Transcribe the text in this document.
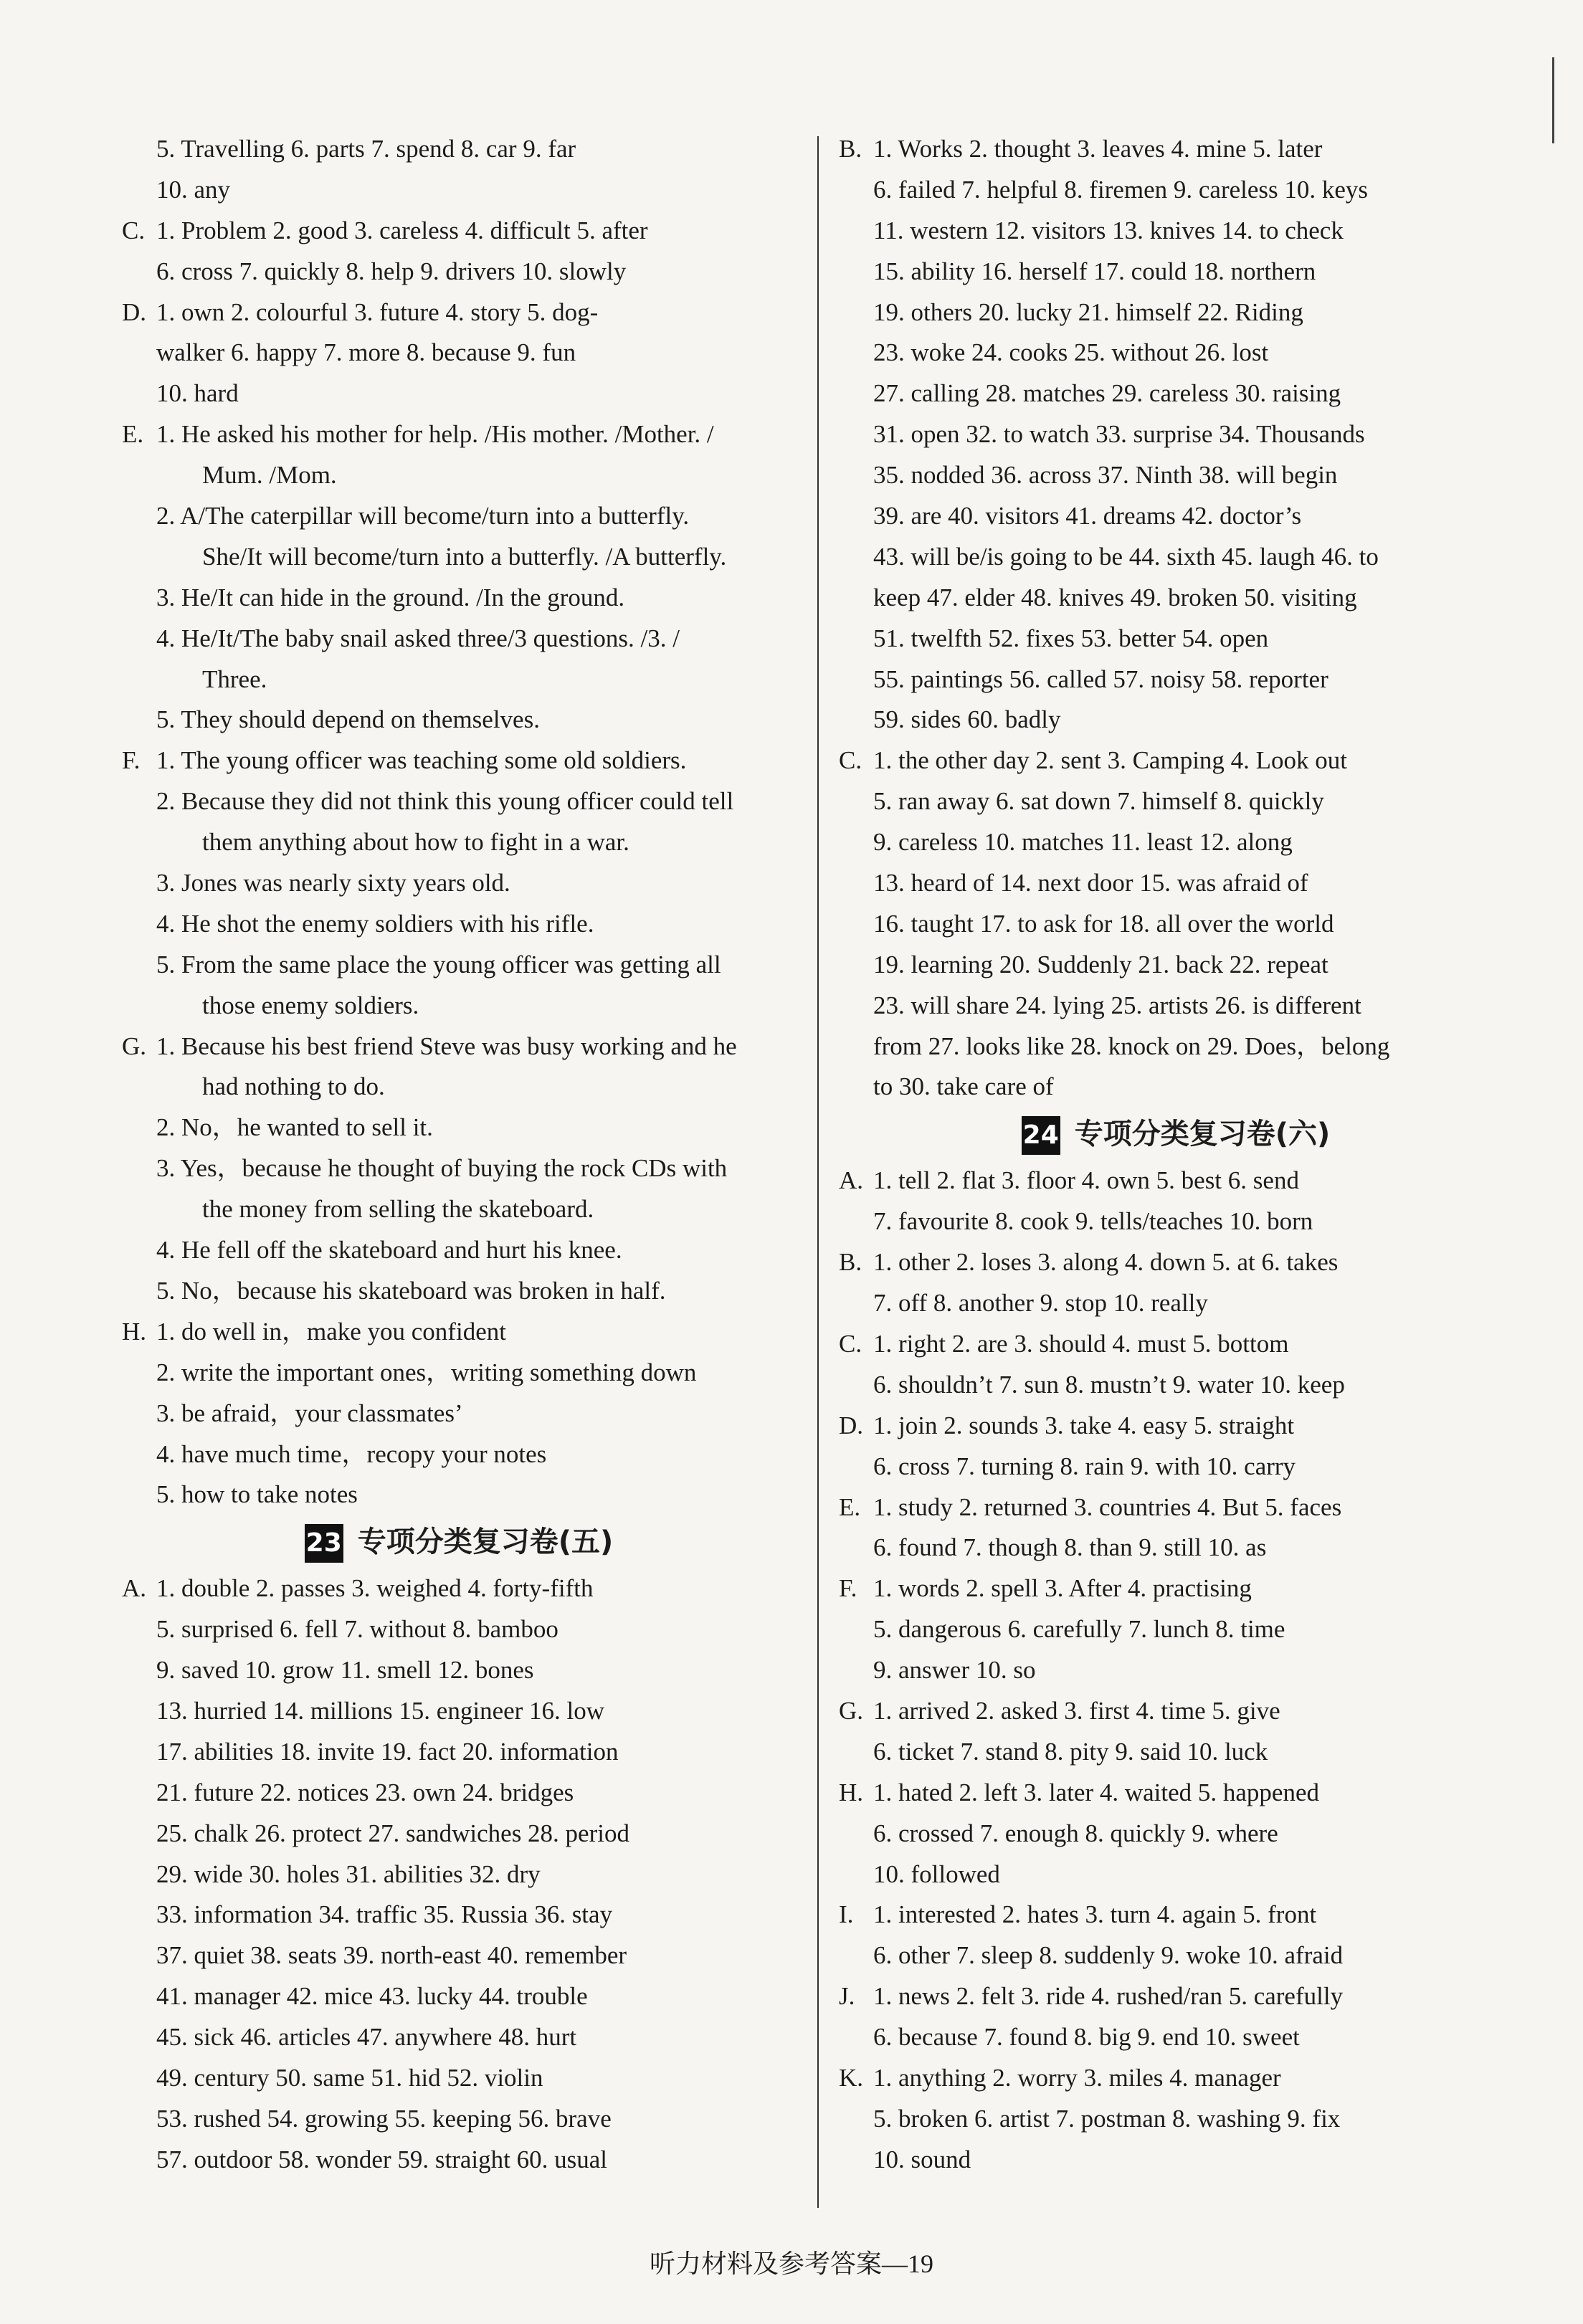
5. Travelling 6. parts 7. spend 8. car 9. far
10. any
C. 1. Problem 2. good 3. careless 4. difficult 5. after
6. cross 7. quickly 8. help 9. drivers 10. slowly
D. 1. own 2. colourful 3. future 4. story 5. dog-
walker 6. happy 7. more 8. because 9. fun
10. hard
E. 1. He asked his mother for help. /His mother. /Mother. /
Mum. /Mom.
2. A/The caterpillar will become/turn into a butterfly.
She/It will become/turn into a butterfly. /A butterfly.
3. He/It can hide in the ground. /In the ground.
4. He/It/The baby snail asked three/3 questions. /3. /
Three.
5. They should depend on themselves.
F. 1. The young officer was teaching some old soldiers.
2. Because they did not think this young officer could tell
them anything about how to fight in a war.
3. Jones was nearly sixty years old.
4. He shot the enemy soldiers with his rifle.
5. From the same place the young officer was getting all
those enemy soldiers.
G. 1. Because his best friend Steve was busy working and he
had nothing to do.
2. No，he wanted to sell it.
3. Yes，because he thought of buying the rock CDs with
the money from selling the skateboard.
4. He fell off the skateboard and hurt his knee.
5. No，because his skateboard was broken in half.
H. 1. do well in，make you confident
2. write the important ones，writing something down
3. be afraid，your classmates’
4. have much time，recopy your notes
5. how to take notes
23 专项分类复习卷(五)
A. 1. double 2. passes 3. weighed 4. forty-fifth
5. surprised 6. fell 7. without 8. bamboo
9. saved 10. grow 11. smell 12. bones
13. hurried 14. millions 15. engineer 16. low
17. abilities 18. invite 19. fact 20. information
21. future 22. notices 23. own 24. bridges
25. chalk 26. protect 27. sandwiches 28. period
29. wide 30. holes 31. abilities 32. dry
33. information 34. traffic 35. Russia 36. stay
37. quiet 38. seats 39. north-east 40. remember
41. manager 42. mice 43. lucky 44. trouble
45. sick 46. articles 47. anywhere 48. hurt
49. century 50. same 51. hid 52. violin
53. rushed 54. growing 55. keeping 56. brave
57. outdoor 58. wonder 59. straight 60. usual
B. 1. Works 2. thought 3. leaves 4. mine 5. later
6. failed 7. helpful 8. firemen 9. careless 10. keys
11. western 12. visitors 13. knives 14. to check
15. ability 16. herself 17. could 18. northern
19. others 20. lucky 21. himself 22. Riding
23. woke 24. cooks 25. without 26. lost
27. calling 28. matches 29. careless 30. raising
31. open 32. to watch 33. surprise 34. Thousands
35. nodded 36. across 37. Ninth 38. will begin
39. are 40. visitors 41. dreams 42. doctor’s
43. will be/is going to be 44. sixth 45. laugh 46. to
keep 47. elder 48. knives 49. broken 50. visiting
51. twelfth 52. fixes 53. better 54. open
55. paintings 56. called 57. noisy 58. reporter
59. sides 60. badly
C. 1. the other day 2. sent 3. Camping 4. Look out
5. ran away 6. sat down 7. himself 8. quickly
9. careless 10. matches 11. least 12. along
13. heard of 14. next door 15. was afraid of
16. taught 17. to ask for 18. all over the world
19. learning 20. Suddenly 21. back 22. repeat
23. will share 24. lying 25. artists 26. is different
from 27. looks like 28. knock on 29. Does，belong
to 30. take care of
24 专项分类复习卷(六)
A. 1. tell 2. flat 3. floor 4. own 5. best 6. send
7. favourite 8. cook 9. tells/teaches 10. born
B. 1. other 2. loses 3. along 4. down 5. at 6. takes
7. off 8. another 9. stop 10. really
C. 1. right 2. are 3. should 4. must 5. bottom
6. shouldn’t 7. sun 8. mustn’t 9. water 10. keep
D. 1. join 2. sounds 3. take 4. easy 5. straight
6. cross 7. turning 8. rain 9. with 10. carry
E. 1. study 2. returned 3. countries 4. But 5. faces
6. found 7. though 8. than 9. still 10. as
F. 1. words 2. spell 3. After 4. practising
5. dangerous 6. carefully 7. lunch 8. time
9. answer 10. so
G. 1. arrived 2. asked 3. first 4. time 5. give
6. ticket 7. stand 8. pity 9. said 10. luck
H. 1. hated 2. left 3. later 4. waited 5. happened
6. crossed 7. enough 8. quickly 9. where
10. followed
I. 1. interested 2. hates 3. turn 4. again 5. front
6. other 7. sleep 8. suddenly 9. woke 10. afraid
J. 1. news 2. felt 3. ride 4. rushed/ran 5. carefully
6. because 7. found 8. big 9. end 10. sweet
K. 1. anything 2. worry 3. miles 4. manager
5. broken 6. artist 7. postman 8. washing 9. fix
10. sound
听力材料及参考答案—19
